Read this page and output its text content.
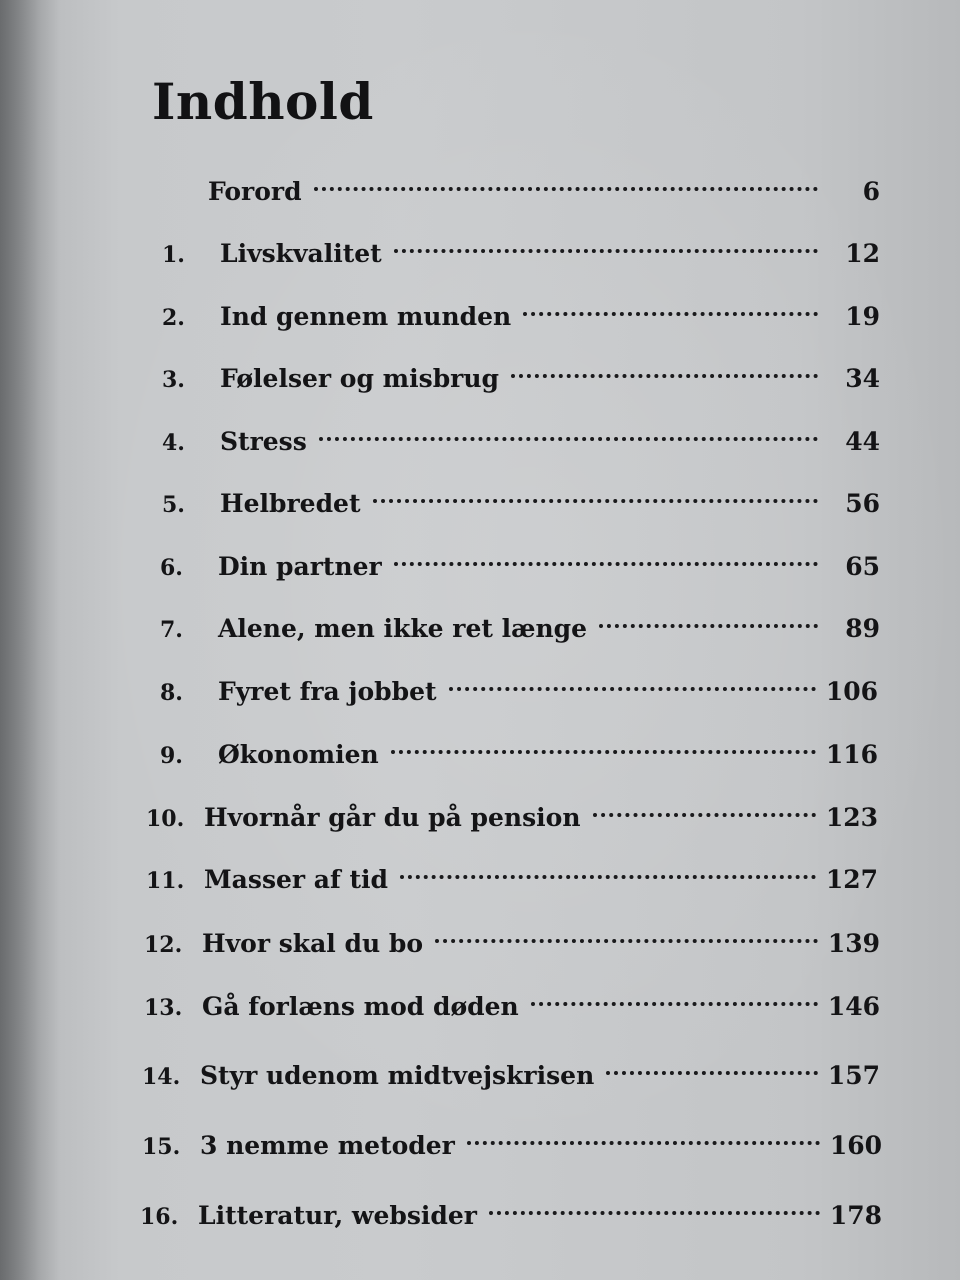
Indhold
Forord	6
1.	Livskvalitet	12
2.	Ind gennem munden	19
3.	Følelser og misbrug	34
4.	Stress	44
5.	Helbredet	56
6.	Din partner	65
7.	Alene, men ikke ret længe	89
8.	Fyret fra jobbet	106
9.	Økonomien	116
10. Hvornår går du på pension	123
11. Masser af tid	127
12. Hvor skal du bo	139
13. Gå forlæns mod døden	146
14. Styr udenom midtvejskrisen	157
15. 3 nemme metoder	160
16. Litteratur, websider	178
